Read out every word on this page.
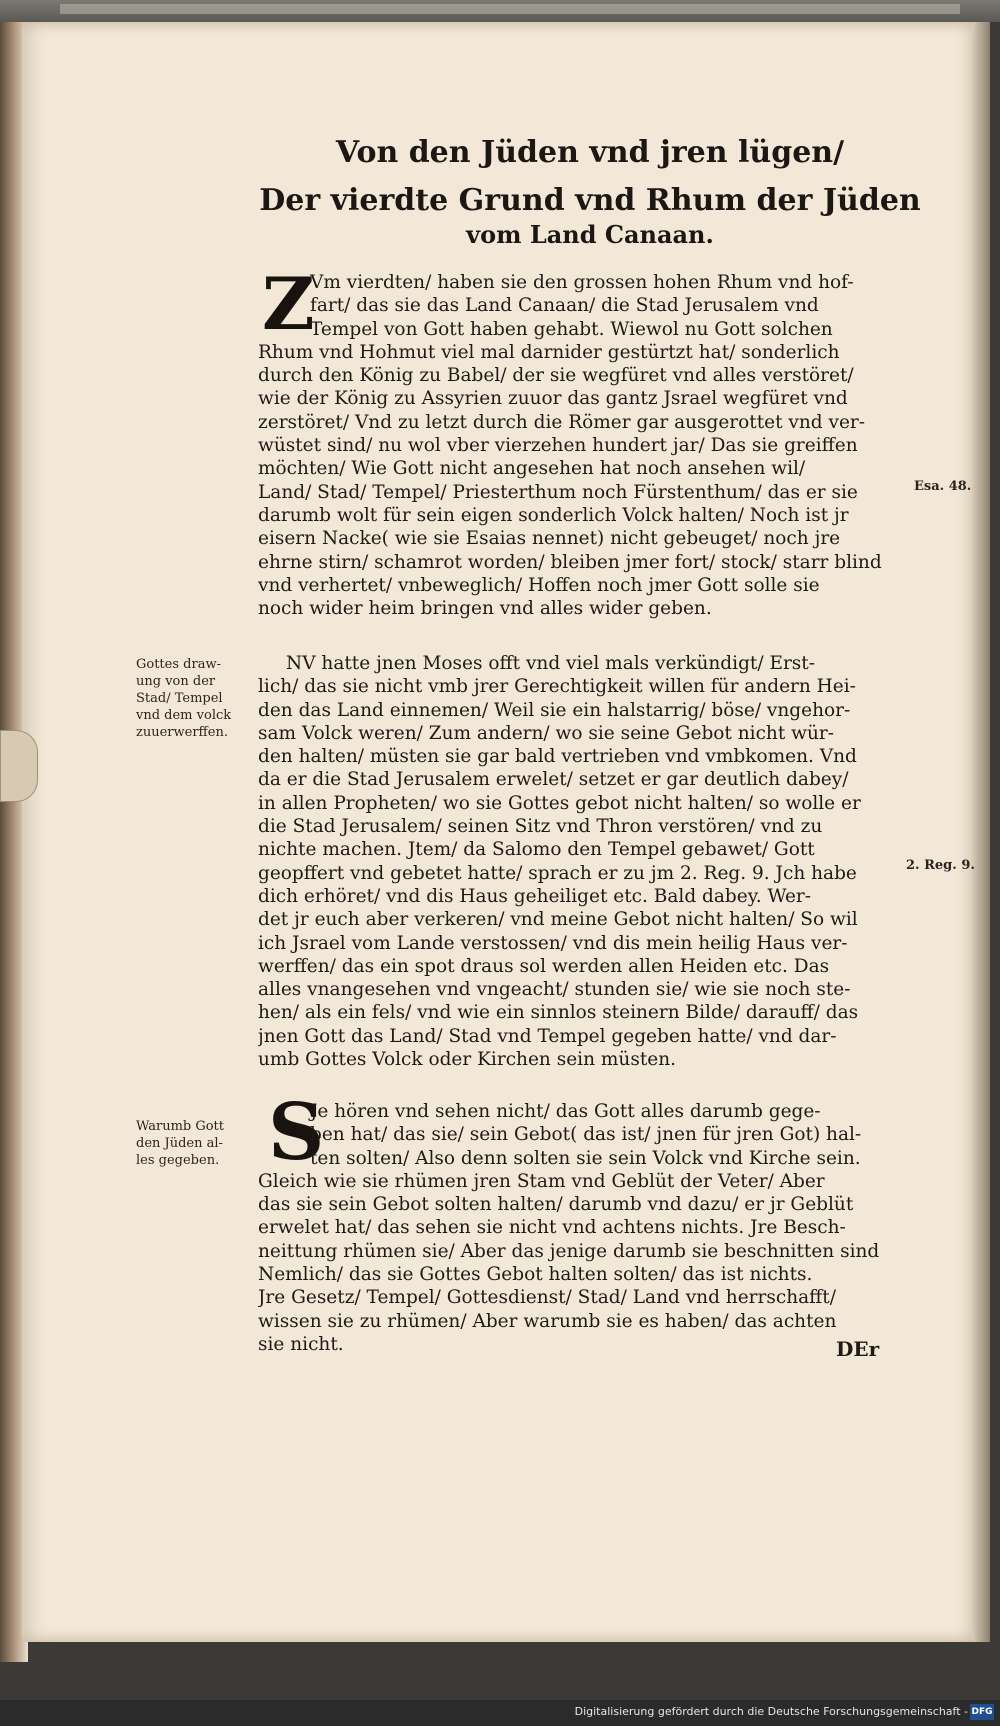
Von den Jüden vnd jren lügen/
Der vierdte Grund vnd Rhum der Jüden
vom Land Canaan.
Z
Vm vierdten/ haben sie den grossen hohen Rhum vnd hof-
fart/ das sie das Land Canaan/ die Stad Jerusalem vnd
Tempel von Gott haben gehabt. Wiewol nu Gott solchen
Rhum vnd Hohmut viel mal darnider gestürtzt hat/ sonderlich
durch den König zu Babel/ der sie wegfüret vnd alles verstöret/
wie der König zu Assyrien zuuor das gantz Jsrael wegfüret vnd
zerstöret/ Vnd zu letzt durch die Römer gar ausgerottet vnd ver-
wüstet sind/ nu wol vber vierzehen hundert jar/ Das sie greiffen
möchten/ Wie Gott nicht angesehen hat noch ansehen wil/
Land/ Stad/ Tempel/ Priesterthum noch Fürstenthum/ das er sie
darumb wolt für sein eigen sonderlich Volck halten/ Noch ist jr
eisern Nacke( wie sie Esaias nennet) nicht gebeuget/ noch jre
ehrne stirn/ schamrot worden/ bleiben jmer fort/ stock/ starr blind
vnd verhertet/ vnbeweglich/ Hoffen noch jmer Gott solle sie
noch wider heim bringen vnd alles wider geben.
NV hatte jnen Moses offt vnd viel mals verkündigt/ Erst-
lich/ das sie nicht vmb jrer Gerechtigkeit willen für andern Hei-
den das Land einnemen/ Weil sie ein halstarrig/ böse/ vngehor-
sam Volck weren/ Zum andern/ wo sie seine Gebot nicht wür-
den halten/ müsten sie gar bald vertrieben vnd vmbkomen. Vnd
da er die Stad Jerusalem erwelet/ setzet er gar deutlich dabey/
in allen Propheten/ wo sie Gottes gebot nicht halten/ so wolle er
die Stad Jerusalem/ seinen Sitz vnd Thron verstören/ vnd zu
nichte machen. Jtem/ da Salomo den Tempel gebawet/ Gott
geopffert vnd gebetet hatte/ sprach er zu jm 2. Reg. 9. Jch habe
dich erhöret/ vnd dis Haus geheiliget etc. Bald dabey. Wer-
det jr euch aber verkeren/ vnd meine Gebot nicht halten/ So wil
ich Jsrael vom Lande verstossen/ vnd dis mein heilig Haus ver-
werffen/ das ein spot draus sol werden allen Heiden etc. Das
alles vnangesehen vnd vngeacht/ stunden sie/ wie sie noch ste-
hen/ als ein fels/ vnd wie ein sinnlos steinern Bilde/ darauff/ das
jnen Gott das Land/ Stad vnd Tempel gegeben hatte/ vnd dar-
umb Gottes Volck oder Kirchen sein müsten.
S
Je hören vnd sehen nicht/ das Gott alles darumb gege-
ben hat/ das sie/ sein Gebot( das ist/ jnen für jren Got) hal-
ten solten/ Also denn solten sie sein Volck vnd Kirche sein.
Gleich wie sie rhümen jren Stam vnd Geblüt der Veter/ Aber
das sie sein Gebot solten halten/ darumb vnd dazu/ er jr Geblüt
erwelet hat/ das sehen sie nicht vnd achtens nichts. Jre Besch-
neittung rhümen sie/ Aber das jenige darumb sie beschnitten sind
Nemlich/ das sie Gottes Gebot halten solten/ das ist nichts.
Jre Gesetz/ Tempel/ Gottesdienst/ Stad/ Land vnd herrschafft/
wissen sie zu rhümen/ Aber warumb sie es haben/ das achten
sie nicht.	DEr
Gottes draw-
ung von der
Stad/ Tempel
vnd dem volck
zuuerwerffen.
Warumb Gott
den Jüden al-
les gegeben.
Esa. 48.
2. Reg. 9.
Digitalisierung gefördert durch die Deutsche Forschungsgemeinschaft - DFG
